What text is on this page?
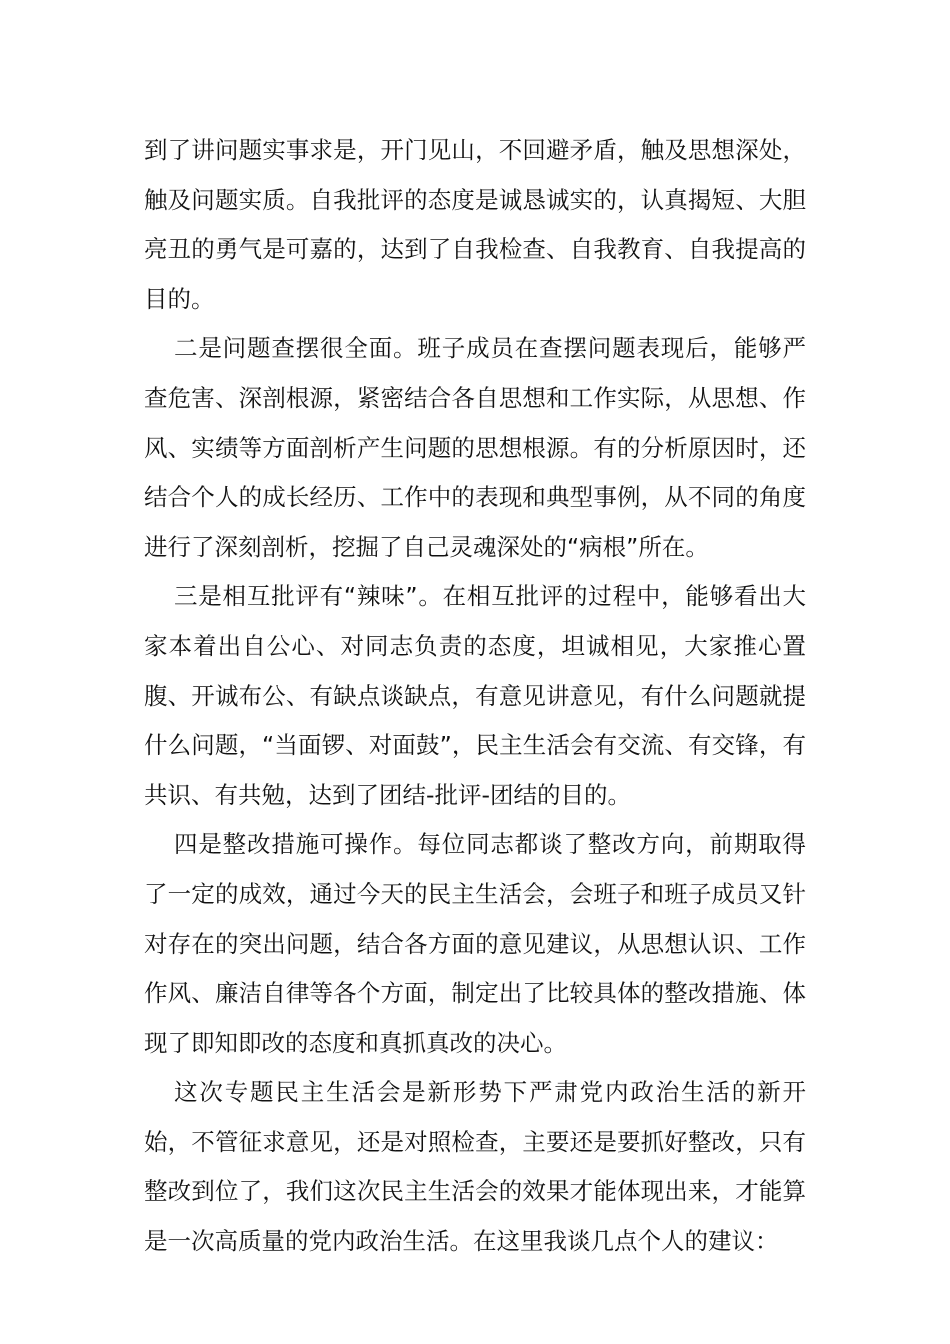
到了讲问题实事求是，开门见山，不回避矛盾，触及思想深处，触及问题实质。自我批评的态度是诚恳诚实的，认真揭短、大胆亮丑的勇气是可嘉的，达到了自我检查、自我教育、自我提高的目的。

二是问题查摆很全面。班子成员在查摆问题表现后，能够严查危害、深剖根源，紧密结合各自思想和工作实际，从思想、作风、实绩等方面剖析产生问题的思想根源。有的分析原因时，还结合个人的成长经历、工作中的表现和典型事例，从不同的角度进行了深刻剖析，挖掘了自己灵魂深处的“病根”所在。

三是相互批评有“辣味”。在相互批评的过程中，能够看出大家本着出自公心、对同志负责的态度，坦诚相见，大家推心置腹、开诚布公、有缺点谈缺点，有意见讲意见，有什么问题就提什么问题，“当面锣、对面鼓”，民主生活会有交流、有交锋，有共识、有共勉，达到了团结-批评-团结的目的。

四是整改措施可操作。每位同志都谈了整改方向，前期取得了一定的成效，通过今天的民主生活会，会班子和班子成员又针对存在的突出问题，结合各方面的意见建议，从思想认识、工作作风、廉洁自律等各个方面，制定出了比较具体的整改措施、体现了即知即改的态度和真抓真改的决心。

这次专题民主生活会是新形势下严肃党内政治生活的新开始，不管征求意见，还是对照检查，主要还是要抓好整改，只有整改到位了，我们这次民主生活会的效果才能体现出来，才能算是一次高质量的党内政治生活。在这里我谈几点个人的建议：
